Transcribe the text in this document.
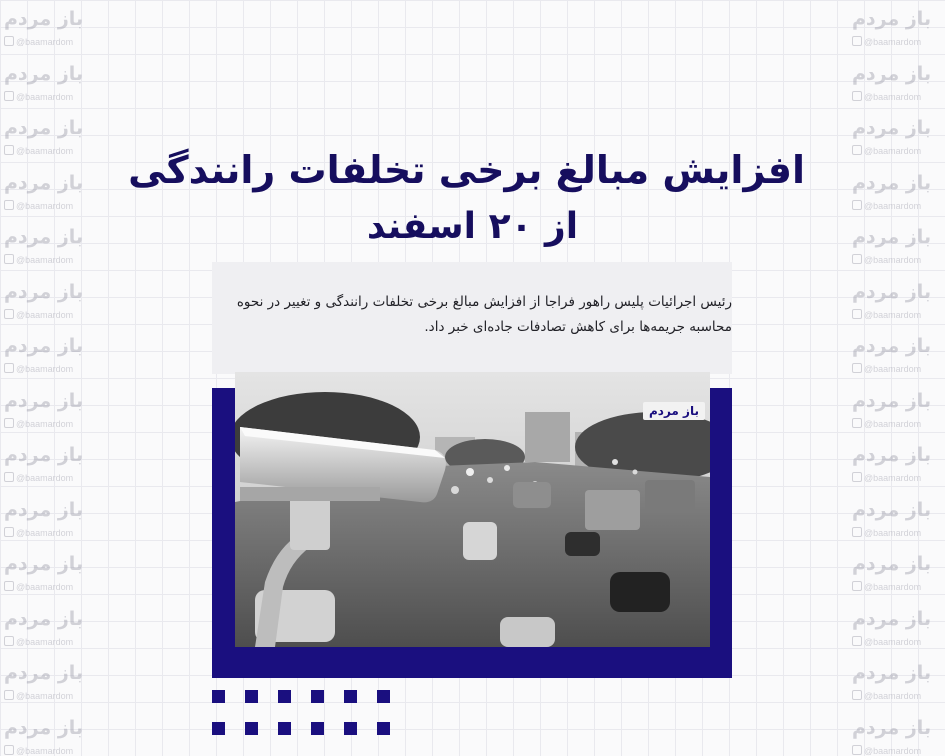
باز مردم
@baamardom
باز مردم
@baamardom
باز مردم
@baamardom
باز مردم
@baamardom
باز مردم
@baamardom
باز مردم
@baamardom
باز مردم
@baamardom
باز مردم
@baamardom
باز مردم
@baamardom
باز مردم
@baamardom
باز مردم
@baamardom
باز مردم
@baamardom
باز مردم
@baamardom
باز مردم
@baamardom
باز مردم
@baamardom
باز مردم
@baamardom
باز مردم
@baamardom
باز مردم
@baamardom
باز مردم
@baamardom
باز مردم
@baamardom
باز مردم
@baamardom
باز مردم
@baamardom
باز مردم
@baamardom
باز مردم
@baamardom
باز مردم
@baamardom
باز مردم
@baamardom
باز مردم
@baamardom
باز مردم
@baamardom
افزایش مبالغ برخی تخلفات رانندگی
از ۲۰ اسفند
رئیس اجرائیات پلیس راهور فراجا از افزایش مبالغ برخی تخلفات رانندگی و تغییر در نحوه محاسبه جریمه‌ها برای کاهش تصادفات جاده‌ای خبر داد.
باز مردم
